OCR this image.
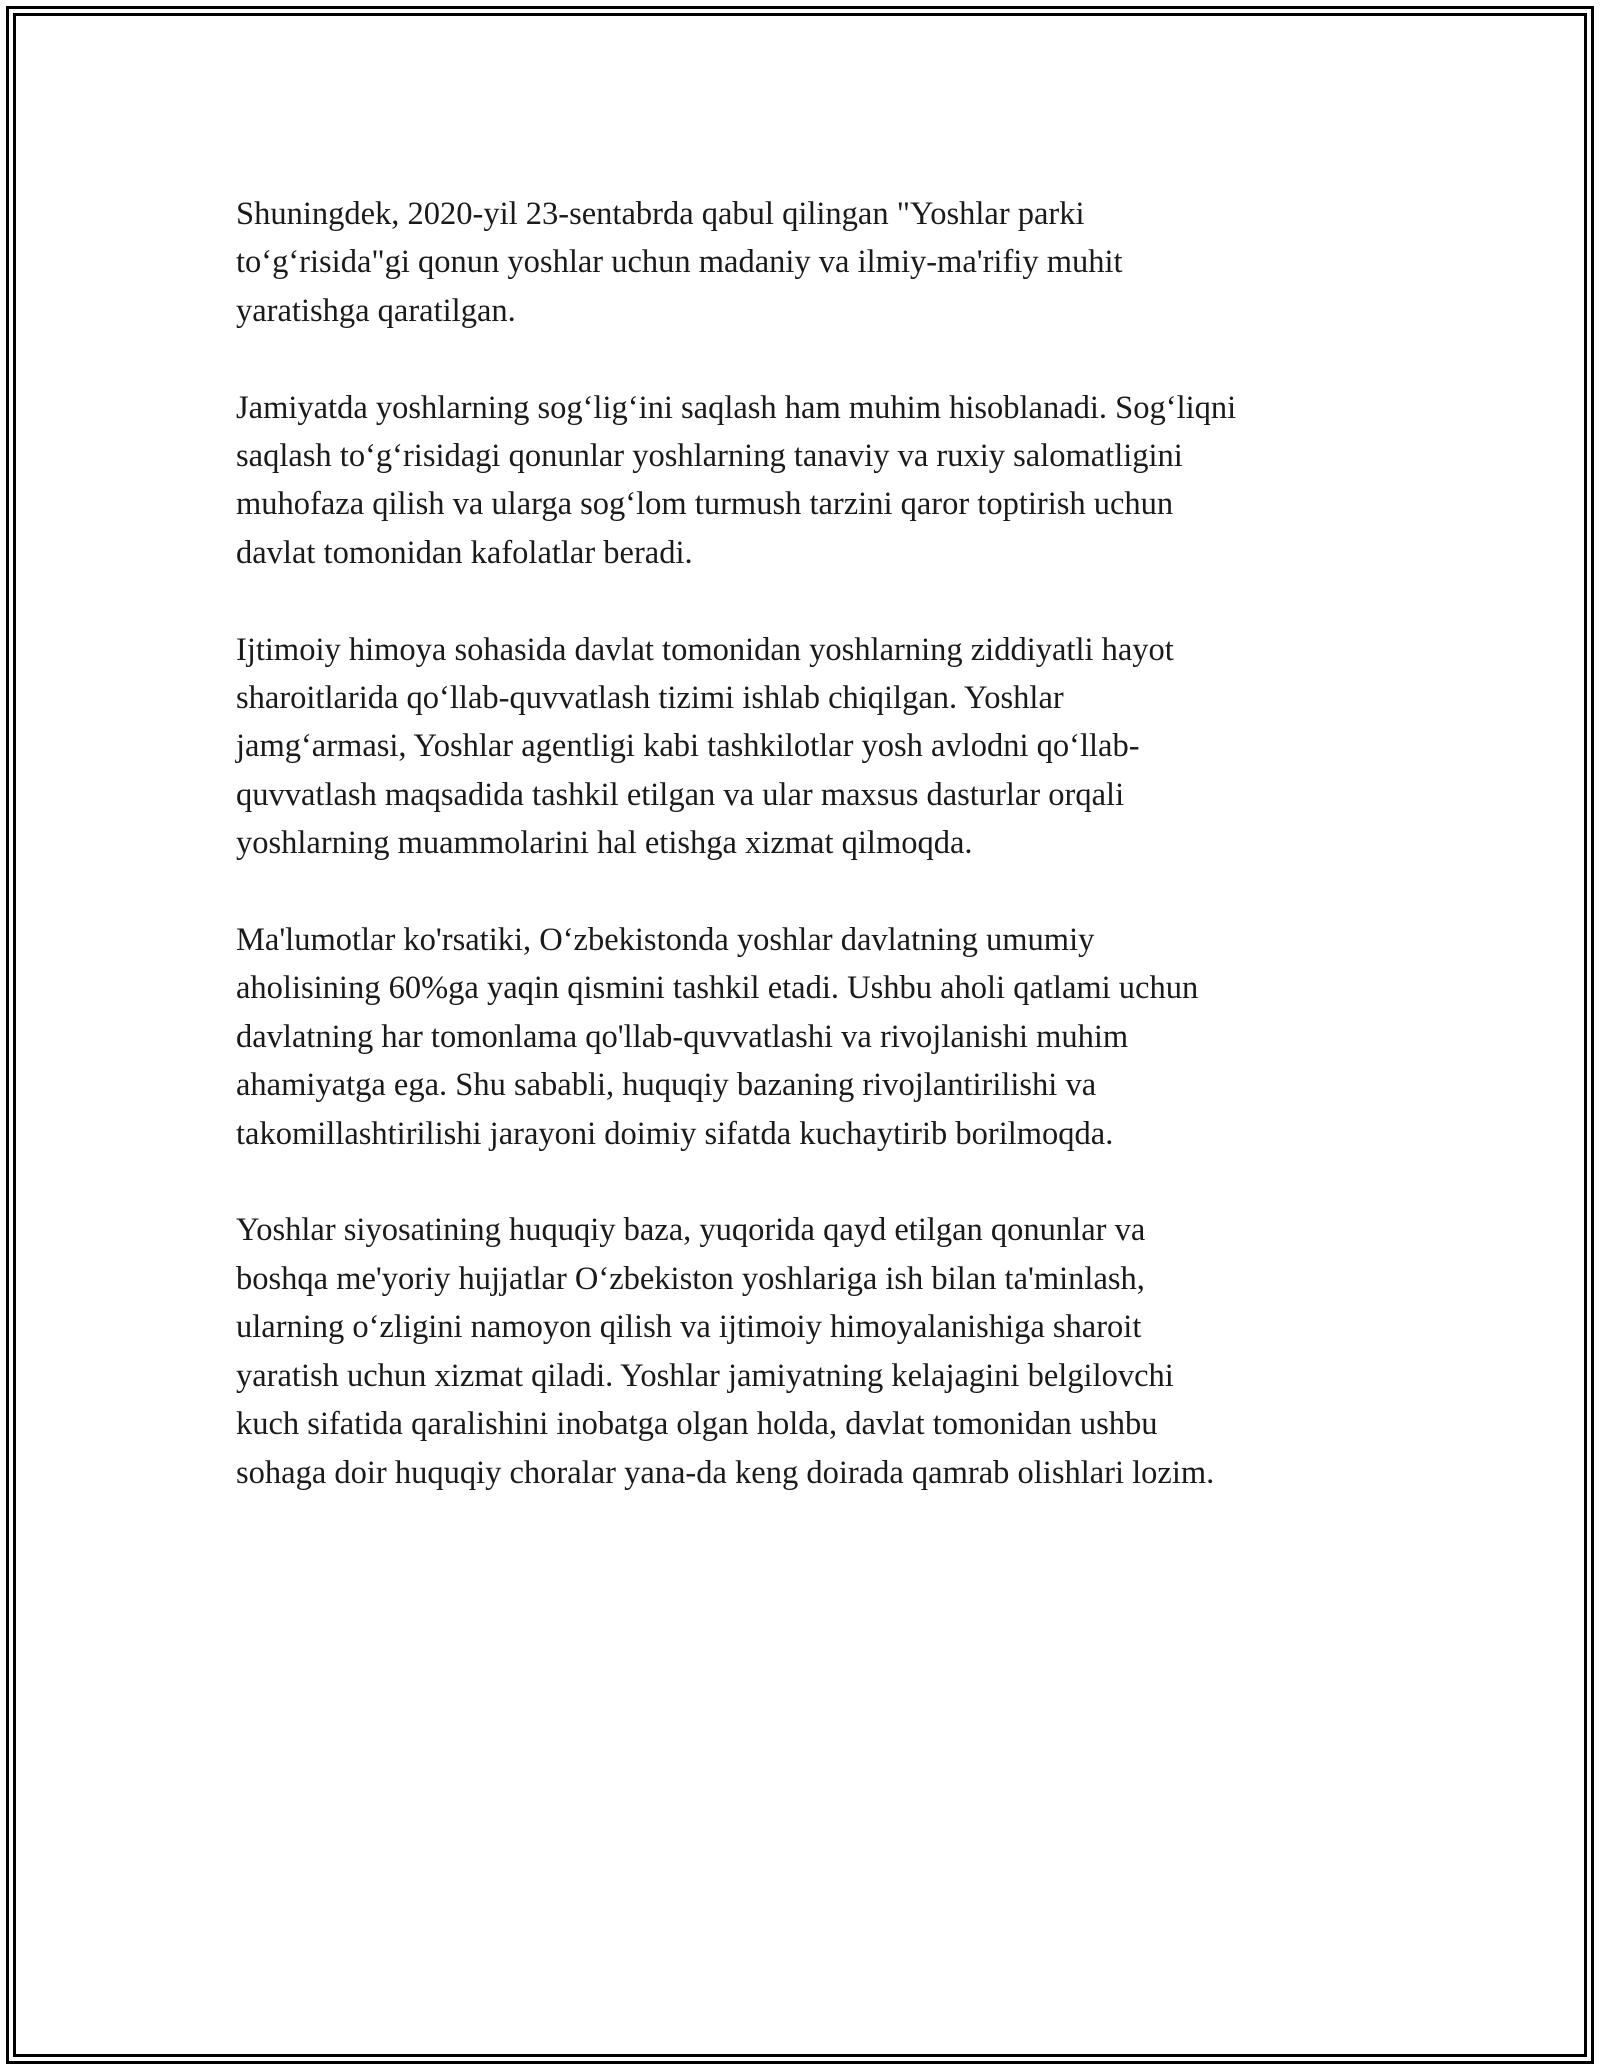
Shuningdek, 2020-yil 23-sentabrda qabul qilingan "Yoshlar parki
to‘g‘risida"gi qonun yoshlar uchun madaniy va ilmiy-ma'rifiy muhit
yaratishga qaratilgan.

Jamiyatda yoshlarning sog‘lig‘ini saqlash ham muhim hisoblanadi. Sog‘liqni
saqlash to‘g‘risidagi qonunlar yoshlarning tanaviy va ruxiy salomatligini
muhofaza qilish va ularga sog‘lom turmush tarzini qaror toptirish uchun
davlat tomonidan kafolatlar beradi.

Ijtimoiy himoya sohasida davlat tomonidan yoshlarning ziddiyatli hayot
sharoitlarida qo‘llab-quvvatlash tizimi ishlab chiqilgan. Yoshlar
jamg‘armasi, Yoshlar agentligi kabi tashkilotlar yosh avlodni qo‘llab-
quvvatlash maqsadida tashkil etilgan va ular maxsus dasturlar orqali
yoshlarning muammolarini hal etishga xizmat qilmoqda.

Ma'lumotlar ko'rsatiki, O‘zbekistonda yoshlar davlatning umumiy
aholisining 60%ga yaqin qismini tashkil etadi. Ushbu aholi qatlami uchun
davlatning har tomonlama qo'llab-quvvatlashi va rivojlanishi muhim
ahamiyatga ega. Shu sababli, huquqiy bazaning rivojlantirilishi va
takomillashtirilishi jarayoni doimiy sifatda kuchaytirib borilmoqda.

Yoshlar siyosatining huquqiy baza, yuqorida qayd etilgan qonunlar va
boshqa me'yoriy hujjatlar O‘zbekiston yoshlariga ish bilan ta'minlash,
ularning o‘zligini namoyon qilish va ijtimoiy himoyalanishiga sharoit
yaratish uchun xizmat qiladi. Yoshlar jamiyatning kelajagini belgilovchi
kuch sifatida qaralishini inobatga olgan holda, davlat tomonidan ushbu
sohaga doir huquqiy choralar yana-da keng doirada qamrab olishlari lozim.
